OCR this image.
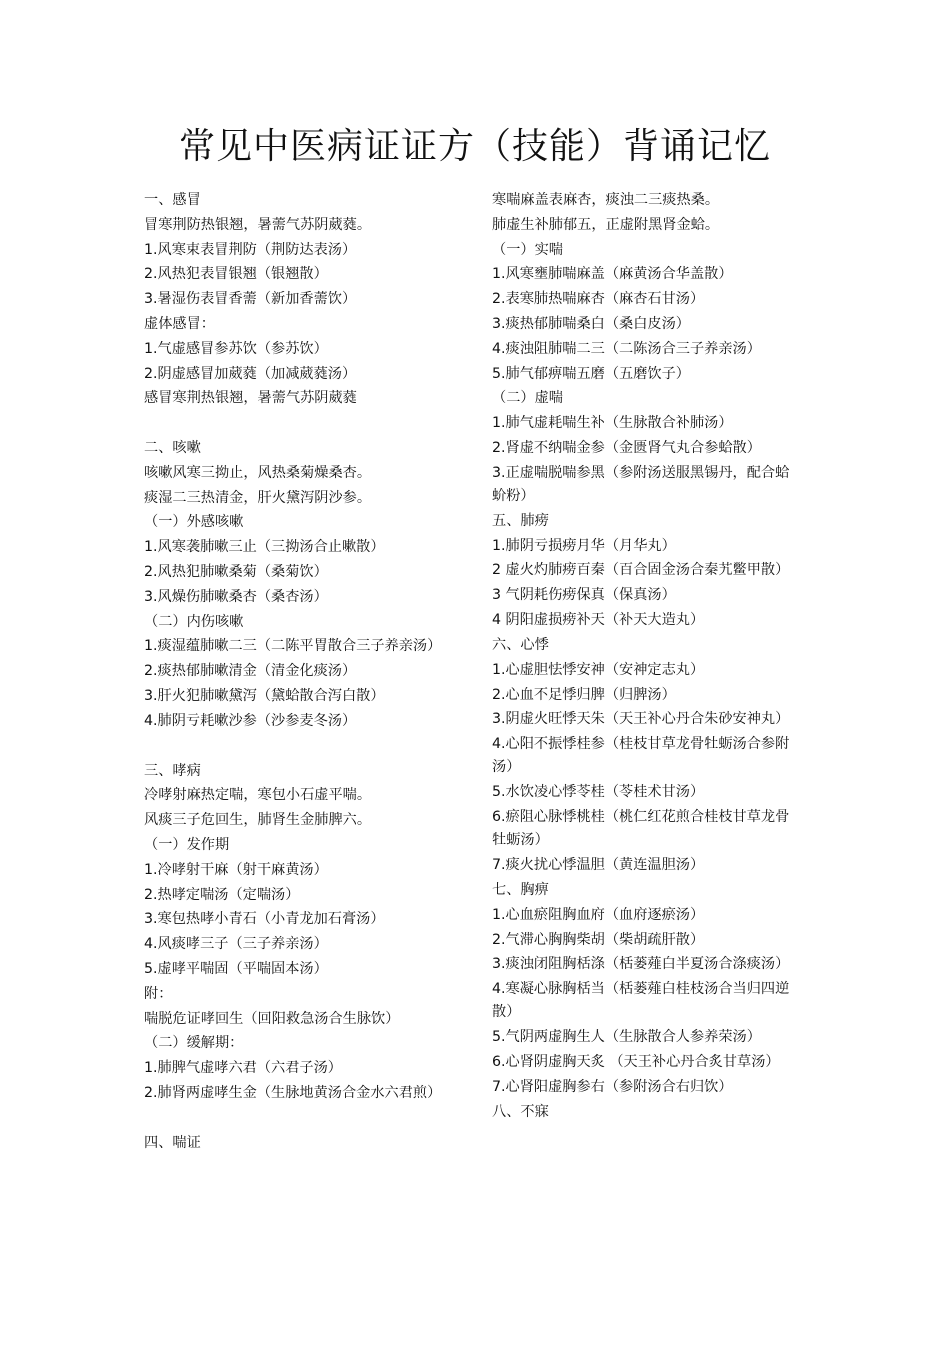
常见中医病证证方（技能）背诵记忆

一、感冒

冒寒荆防热银翘，暑薷气苏阴葳蕤。

1.风寒束表冒荆防（荆防达表汤）

2.风热犯表冒银翘（银翘散）

3.暑湿伤表冒香薷（新加香薷饮）

虚体感冒：

1.气虚感冒参苏饮（参苏饮）

2.阴虚感冒加葳蕤（加减葳蕤汤）

感冒寒荆热银翘，暑薷气苏阴葳蕤

二、咳嗽

咳嗽风寒三拗止，风热桑菊燥桑杏。

痰湿二三热清金，肝火黛泻阴沙参。

（一）外感咳嗽

1.风寒袭肺嗽三止（三拗汤合止嗽散）

2.风热犯肺嗽桑菊（桑菊饮）

3.风燥伤肺嗽桑杏（桑杏汤）

（二）内伤咳嗽

1.痰湿蕴肺嗽二三（二陈平胃散合三子养亲汤）

2.痰热郁肺嗽清金（清金化痰汤）

3.肝火犯肺嗽黛泻（黛蛤散合泻白散）

4.肺阴亏耗嗽沙参（沙参麦冬汤）

三、哮病

冷哮射麻热定喘，寒包小石虚平喘。

风痰三子危回生，肺肾生金肺脾六。

（一）发作期

1.冷哮射干麻（射干麻黄汤）

2.热哮定喘汤（定喘汤）

3.寒包热哮小青石（小青龙加石膏汤）

4.风痰哮三子（三子养亲汤）

5.虚哮平喘固（平喘固本汤）

附：

喘脱危证哮回生（回阳救急汤合生脉饮）

（二）缓解期：

1.肺脾气虚哮六君（六君子汤）

2.肺肾两虚哮生金（生脉地黄汤合金水六君煎）

四、喘证

寒喘麻盖表麻杏，痰浊二三痰热桑。

肺虚生补肺郁五，正虚附黑肾金蛤。

（一）实喘

1.风寒壅肺喘麻盖（麻黄汤合华盖散）

2.表寒肺热喘麻杏（麻杏石甘汤）

3.痰热郁肺喘桑白（桑白皮汤）

4.痰浊阻肺喘二三（二陈汤合三子养亲汤）

5.肺气郁痹喘五磨（五磨饮子）

（二）虚喘

1.肺气虚耗喘生补（生脉散合补肺汤）

2.肾虚不纳喘金参（金匮肾气丸合参蛤散）

3.正虚喘脱喘参黑（参附汤送服黑锡丹，配合蛤蚧粉）

五、肺痨

1.肺阴亏损痨月华（月华丸）

2 虚火灼肺痨百秦（百合固金汤合秦艽鳖甲散）

3 气阴耗伤痨保真（保真汤）

4 阴阳虚损痨补天（补天大造丸）

六、心悸

1.心虚胆怯悸安神（安神定志丸）

2.心血不足悸归脾（归脾汤）

3.阴虚火旺悸天朱（天王补心丹合朱砂安神丸）

4.心阳不振悸桂参（桂枝甘草龙骨牡蛎汤合参附汤）

5.水饮凌心悸苓桂（苓桂术甘汤）

6.瘀阻心脉悸桃桂（桃仁红花煎合桂枝甘草龙骨牡蛎汤）

7.痰火扰心悸温胆（黄连温胆汤）

七、胸痹

1.心血瘀阻胸血府（血府逐瘀汤）

2.气滞心胸胸柴胡（柴胡疏肝散）

3.痰浊闭阻胸栝涤（栝蒌薤白半夏汤合涤痰汤）

4.寒凝心脉胸栝当（栝蒌薤白桂枝汤合当归四逆散）

5.气阴两虚胸生人（生脉散合人参养荣汤）

6.心肾阴虚胸天炙 （天王补心丹合炙甘草汤）

7.心肾阳虚胸参右（参附汤合右归饮）

八、不寐
